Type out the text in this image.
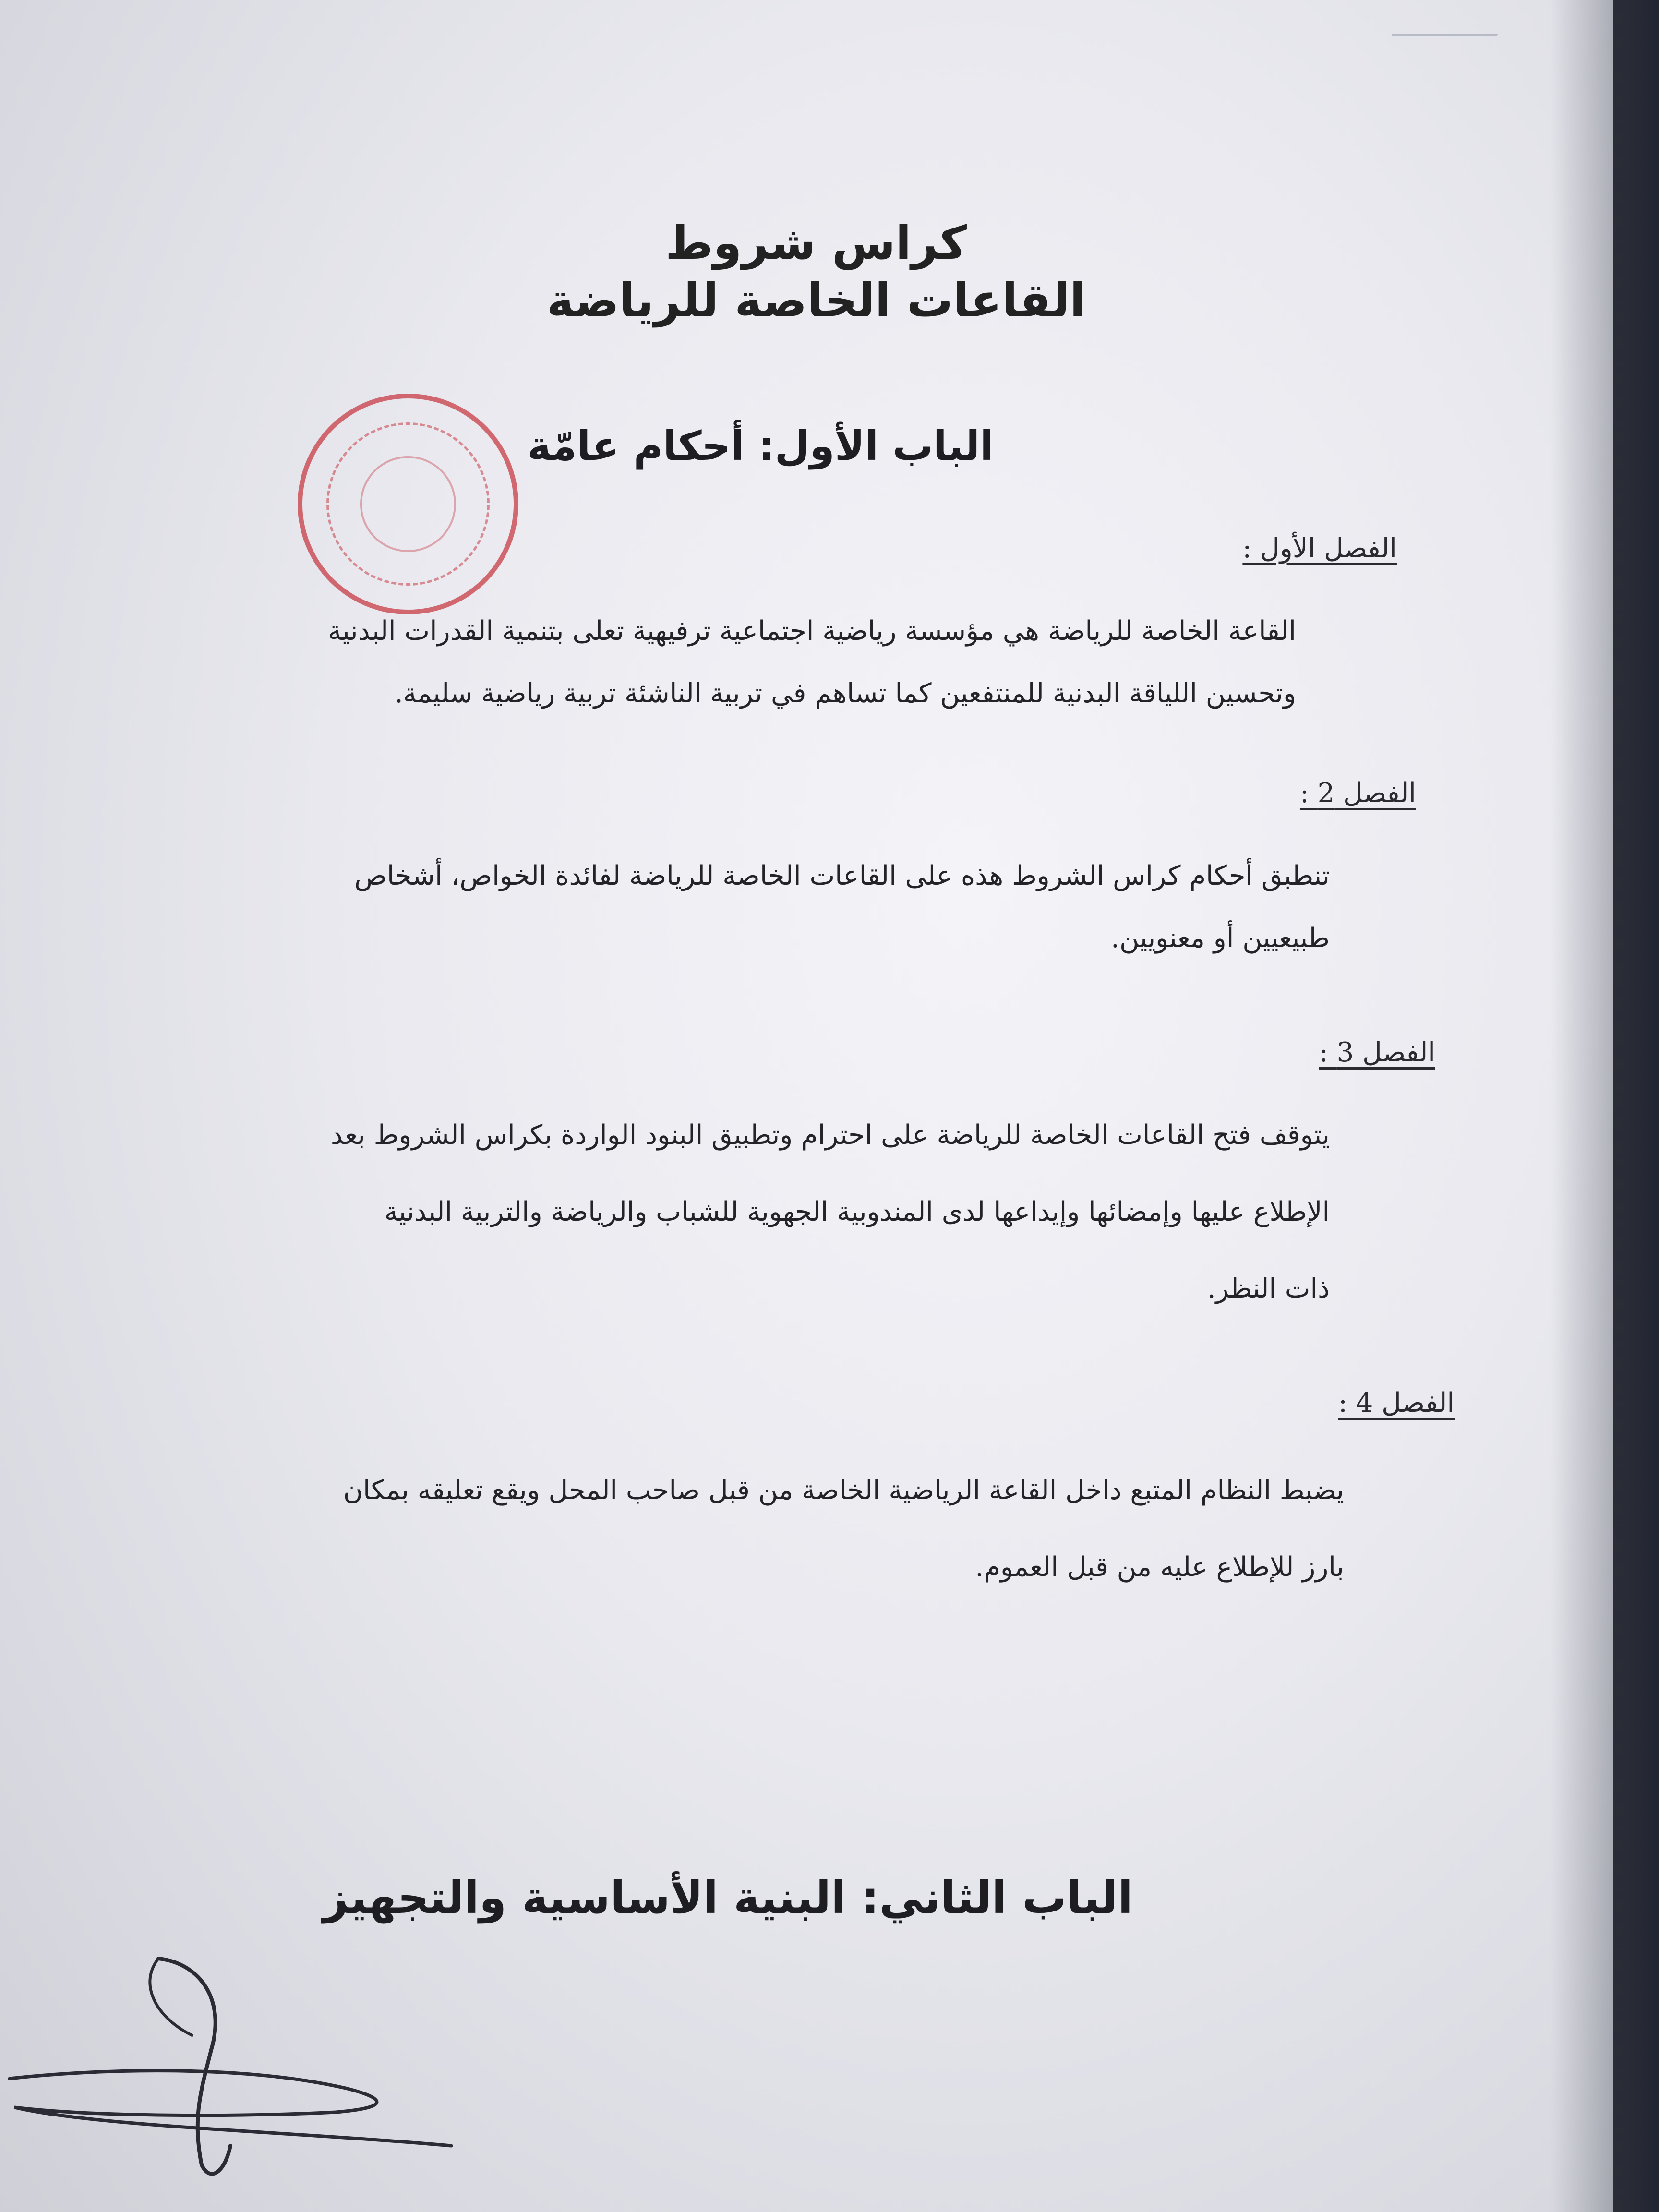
كراس شروط
القاعات الخاصة للرياضة
الباب الأول: أحكام عامّة
الفصل الأول :
القاعة الخاصة للرياضة هي مؤسسة رياضية اجتماعية ترفيهية تعلى بتنمية القدرات البدنية
وتحسين اللياقة البدنية للمنتفعين كما تساهم في تربية الناشئة تربية رياضية سليمة.
الفصل 2 :
تنطبق أحكام كراس الشروط هذه على القاعات الخاصة للرياضة لفائدة الخواص، أشخاص
طبيعيين أو معنويين.
الفصل 3 :
يتوقف فتح القاعات الخاصة للرياضة على احترام وتطبيق البنود الواردة بكراس الشروط بعد
الإطلاع عليها وإمضائها وإيداعها لدى المندوبية الجهوية للشباب والرياضة والتربية البدنية
ذات النظر.
الفصل 4 :
يضبط النظام المتبع داخل القاعة الرياضية الخاصة من قبل صاحب المحل ويقع تعليقه بمكان
بارز للإطلاع عليه من قبل العموم.
الباب الثاني: البنية الأساسية والتجهيز
